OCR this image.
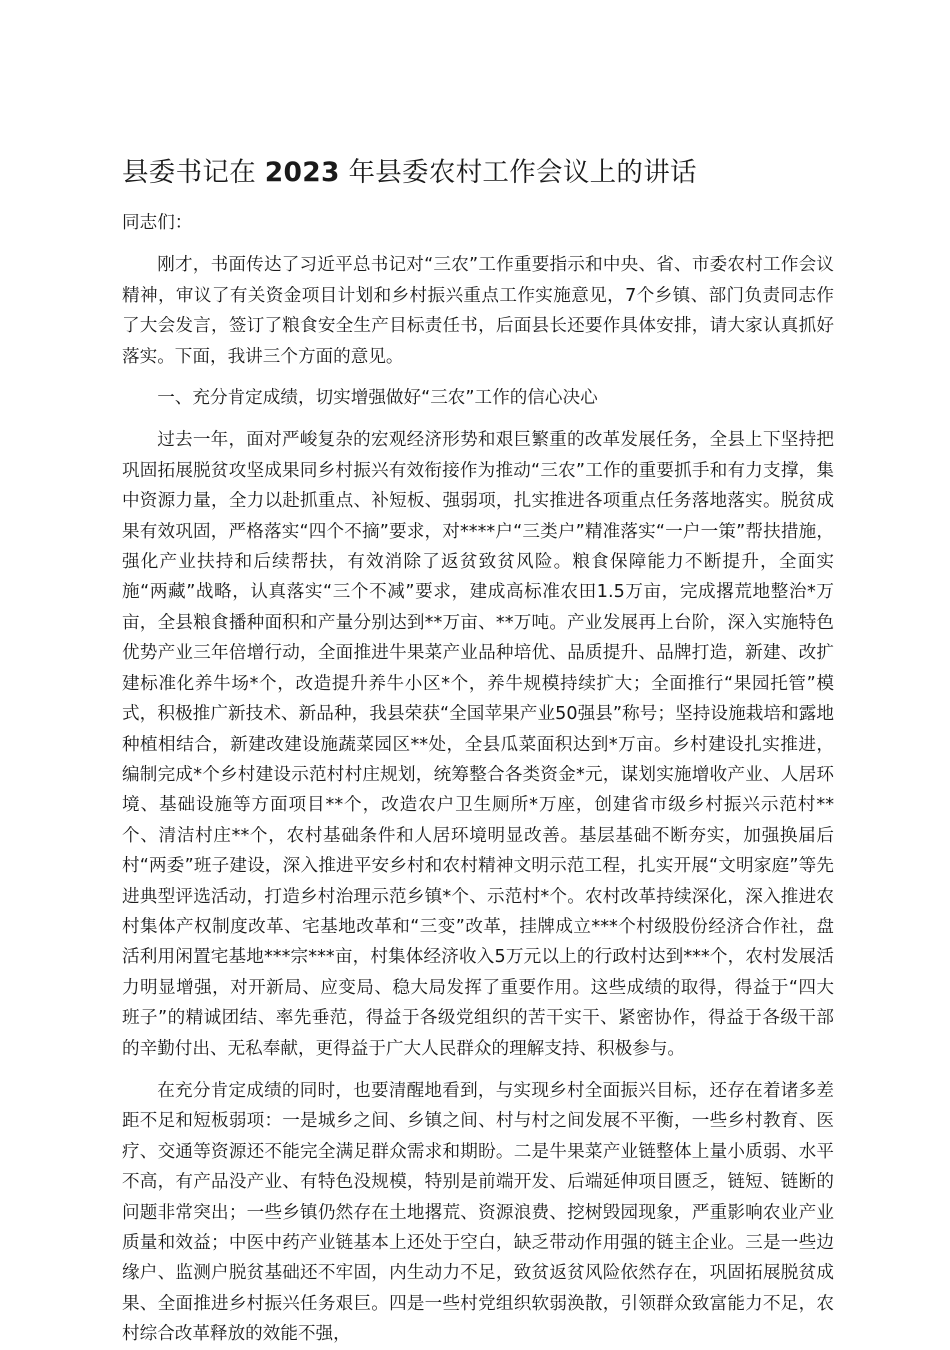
县委书记在 2023 年县委农村工作会议上的讲话

同志们：

刚才，书面传达了习近平总书记对“三农”工作重要指示和中央、省、市委农村工作会议精神，审议了有关资金项目计划和乡村振兴重点工作实施意见，7个乡镇、部门负责同志作了大会发言，签订了粮食安全生产目标责任书，后面县长还要作具体安排，请大家认真抓好落实。下面，我讲三个方面的意见。

一、充分肯定成绩，切实增强做好“三农”工作的信心决心

过去一年，面对严峻复杂的宏观经济形势和艰巨繁重的改革发展任务，全县上下坚持把巩固拓展脱贫攻坚成果同乡村振兴有效衔接作为推动“三农”工作的重要抓手和有力支撑，集中资源力量，全力以赴抓重点、补短板、强弱项，扎实推进各项重点任务落地落实。脱贫成果有效巩固，严格落实“四个不摘”要求，对****户“三类户”精准落实“一户一策”帮扶措施，强化产业扶持和后续帮扶，有效消除了返贫致贫风险。粮食保障能力不断提升，全面实施“两藏”战略，认真落实“三个不减”要求，建成高标准农田1.5万亩，完成撂荒地整治*万亩，全县粮食播种面积和产量分别达到**万亩、**万吨。产业发展再上台阶，深入实施特色优势产业三年倍增行动，全面推进牛果菜产业品种培优、品质提升、品牌打造，新建、改扩建标准化养牛场*个，改造提升养牛小区*个，养牛规模持续扩大；全面推行“果园托管”模式，积极推广新技术、新品种，我县荣获“全国苹果产业50强县”称号；坚持设施栽培和露地种植相结合，新建改建设施蔬菜园区**处，全县瓜菜面积达到*万亩。乡村建设扎实推进，编制完成*个乡村建设示范村村庄规划，统筹整合各类资金*元，谋划实施增收产业、人居环境、基础设施等方面项目**个，改造农户卫生厕所*万座，创建省市级乡村振兴示范村**个、清洁村庄**个，农村基础条件和人居环境明显改善。基层基础不断夯实，加强换届后村“两委”班子建设，深入推进平安乡村和农村精神文明示范工程，扎实开展“文明家庭”等先进典型评选活动，打造乡村治理示范乡镇*个、示范村*个。农村改革持续深化，深入推进农村集体产权制度改革、宅基地改革和“三变”改革，挂牌成立***个村级股份经济合作社，盘活利用闲置宅基地***宗***亩，村集体经济收入5万元以上的行政村达到***个，农村发展活力明显增强，对开新局、应变局、稳大局发挥了重要作用。这些成绩的取得，得益于“四大班子”的精诚团结、率先垂范，得益于各级党组织的苦干实干、紧密协作，得益于各级干部的辛勤付出、无私奉献，更得益于广大人民群众的理解支持、积极参与。

在充分肯定成绩的同时，也要清醒地看到，与实现乡村全面振兴目标，还存在着诸多差距不足和短板弱项：一是城乡之间、乡镇之间、村与村之间发展不平衡，一些乡村教育、医疗、交通等资源还不能完全满足群众需求和期盼。二是牛果菜产业链整体上量小质弱、水平不高，有产品没产业、有特色没规模，特别是前端开发、后端延伸项目匮乏，链短、链断的问题非常突出；一些乡镇仍然存在土地撂荒、资源浪费、挖树毁园现象，严重影响农业产业质量和效益；中医中药产业链基本上还处于空白，缺乏带动作用强的链主企业。三是一些边缘户、监测户脱贫基础还不牢固，内生动力不足，致贫返贫风险依然存在，巩固拓展脱贫成果、全面推进乡村振兴任务艰巨。四是一些村党组织软弱涣散，引领群众致富能力不足，农村综合改革释放的效能不强，
